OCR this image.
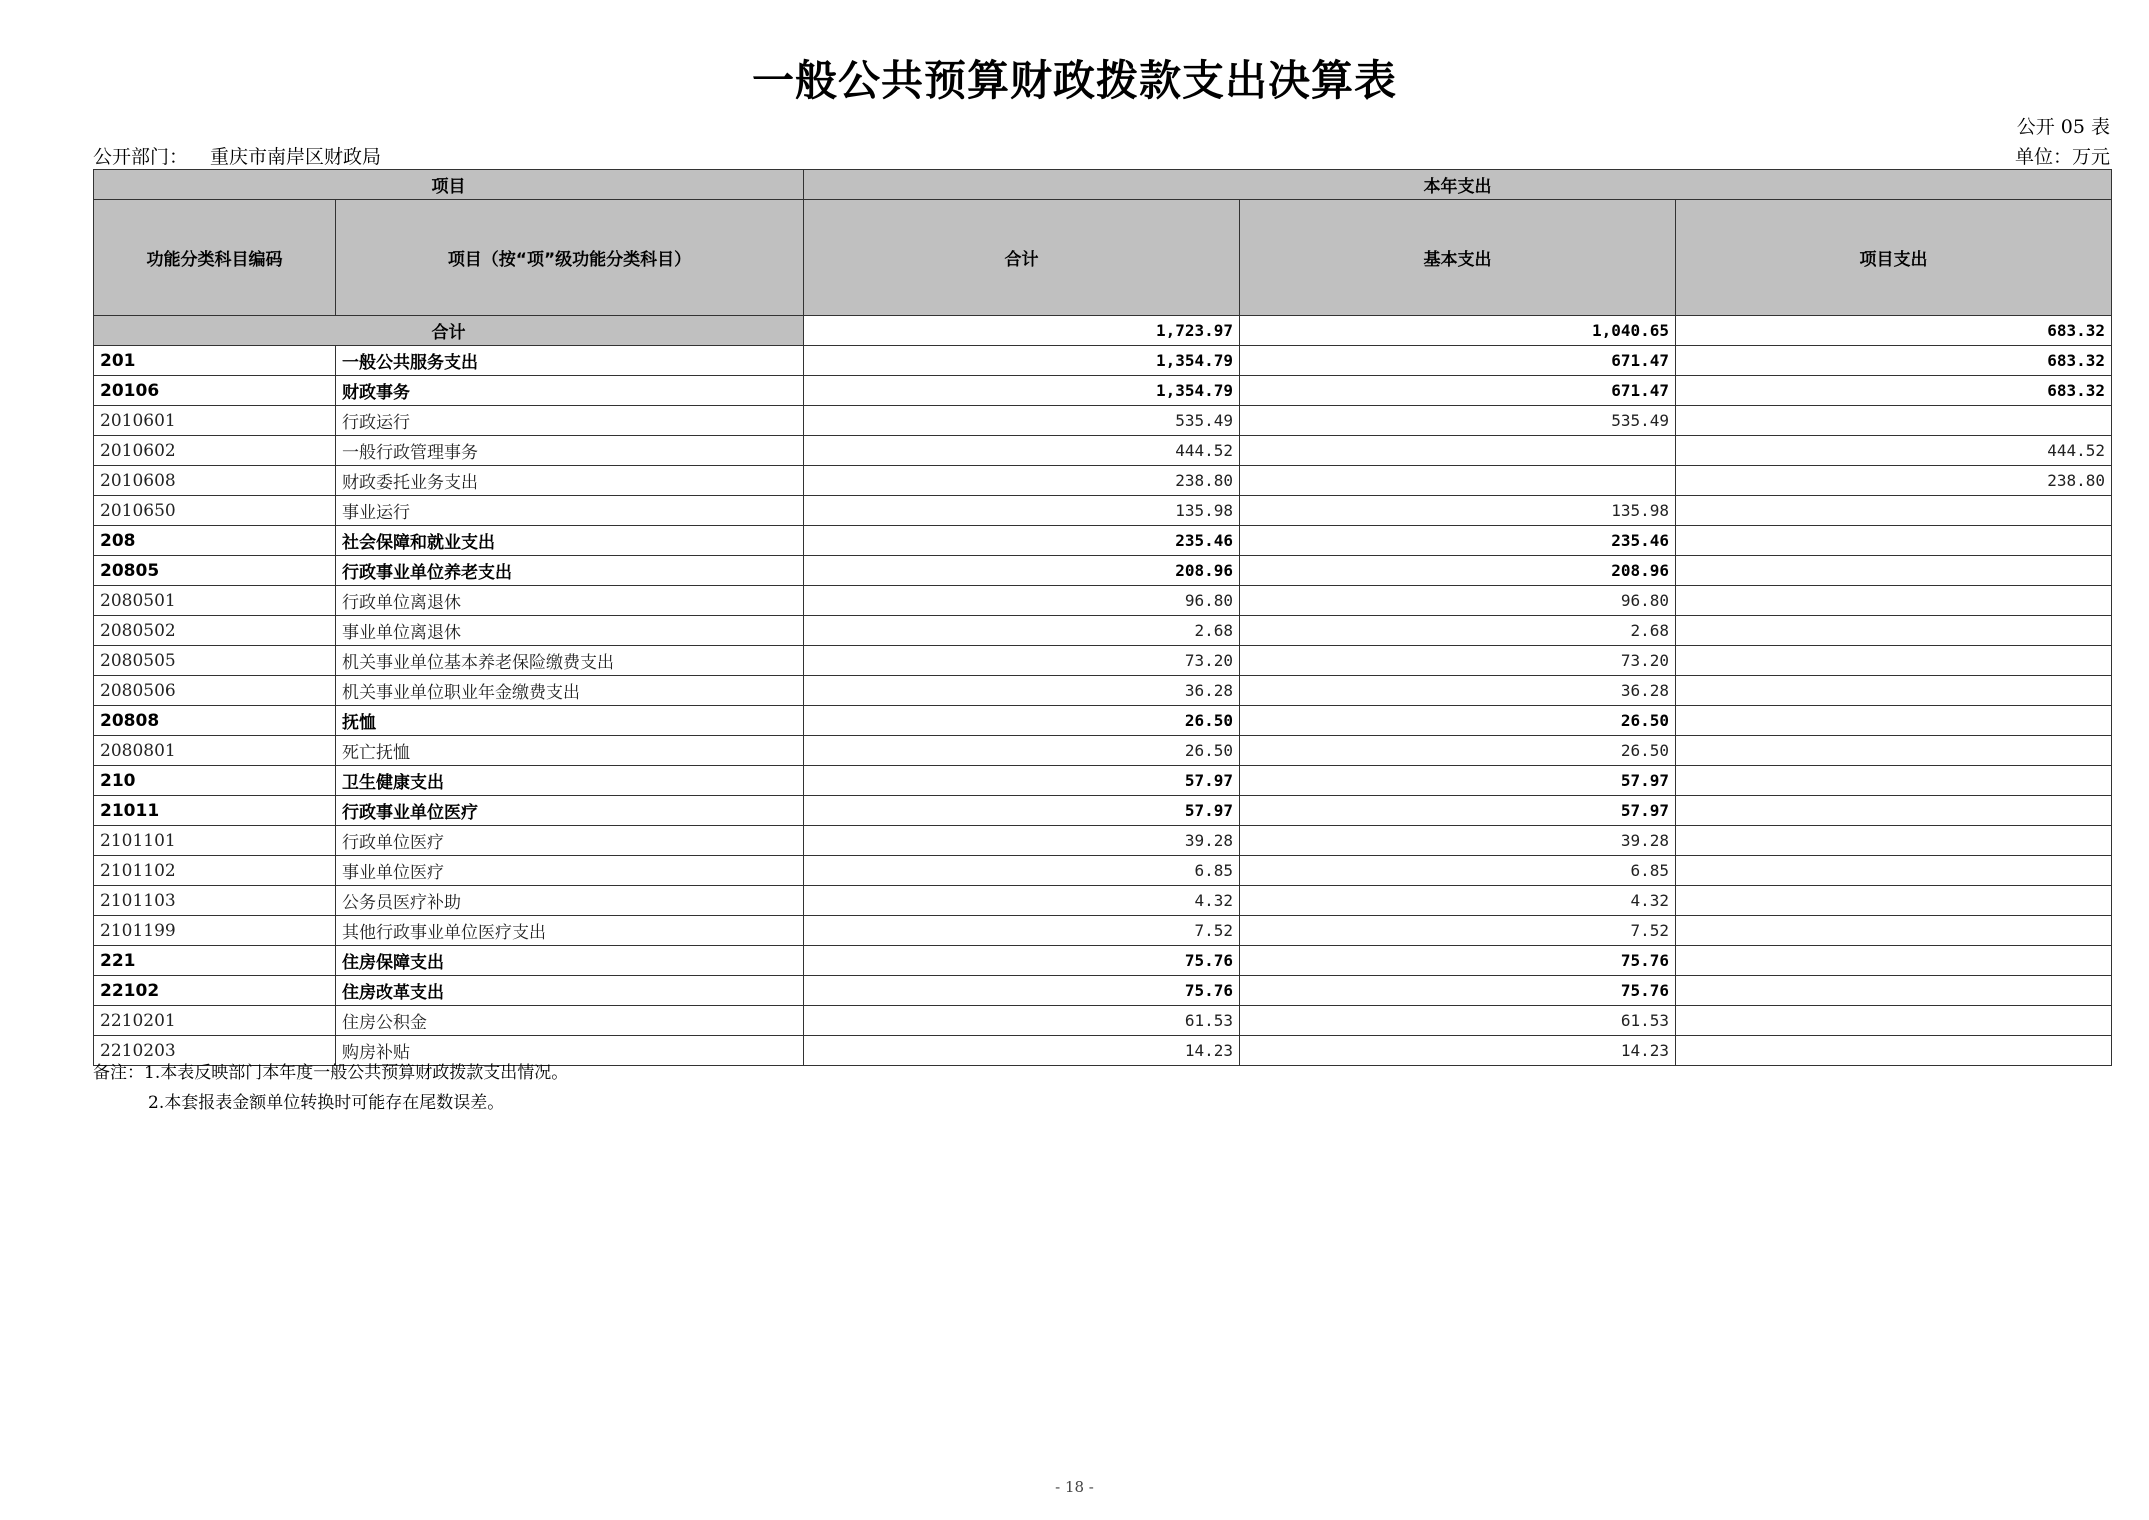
一般公共预算财政拨款支出决算表
公开 05 表
公开部门： 重庆市南岸区财政局	单位：万元
项目		本年支出		
功能分类科目编码	项目（按“项”级功能分类科目）	合计	基本支出	项目支出
合计		1,723.97	1,040.65	683.32
201	一般公共服务支出	1,354.79	671.47	683.32
20106	财政事务	1,354.79	671.47	683.32
2010601	行政运行	535.49	535.49	
2010602	一般行政管理事务	444.52		444.52
2010608	财政委托业务支出	238.80		238.80
2010650	事业运行	135.98	135.98	
208	社会保障和就业支出	235.46	235.46	
20805	行政事业单位养老支出	208.96	208.96	
2080501	行政单位离退休	96.80	96.80	
2080502	事业单位离退休	2.68	2.68	
2080505	机关事业单位基本养老保险缴费支出	73.20	73.20	
2080506	机关事业单位职业年金缴费支出	36.28	36.28	
20808	抚恤	26.50	26.50	
2080801	死亡抚恤	26.50	26.50	
210	卫生健康支出	57.97	57.97	
21011	行政事业单位医疗	57.97	57.97	
2101101	行政单位医疗	39.28	39.28	
2101102	事业单位医疗	6.85	6.85	
2101103	公务员医疗补助	4.32	4.32	
2101199	其他行政事业单位医疗支出	7.52	7.52	
221	住房保障支出	75.76	75.76	
22102	住房改革支出	75.76	75.76	
2210201	住房公积金	61.53	61.53	
2210203	购房补贴	14.23	14.23	
备注：1.本表反映部门本年度一般公共预算财政拨款支出情况。
2.本套报表金额单位转换时可能存在尾数误差。
- 18 -
